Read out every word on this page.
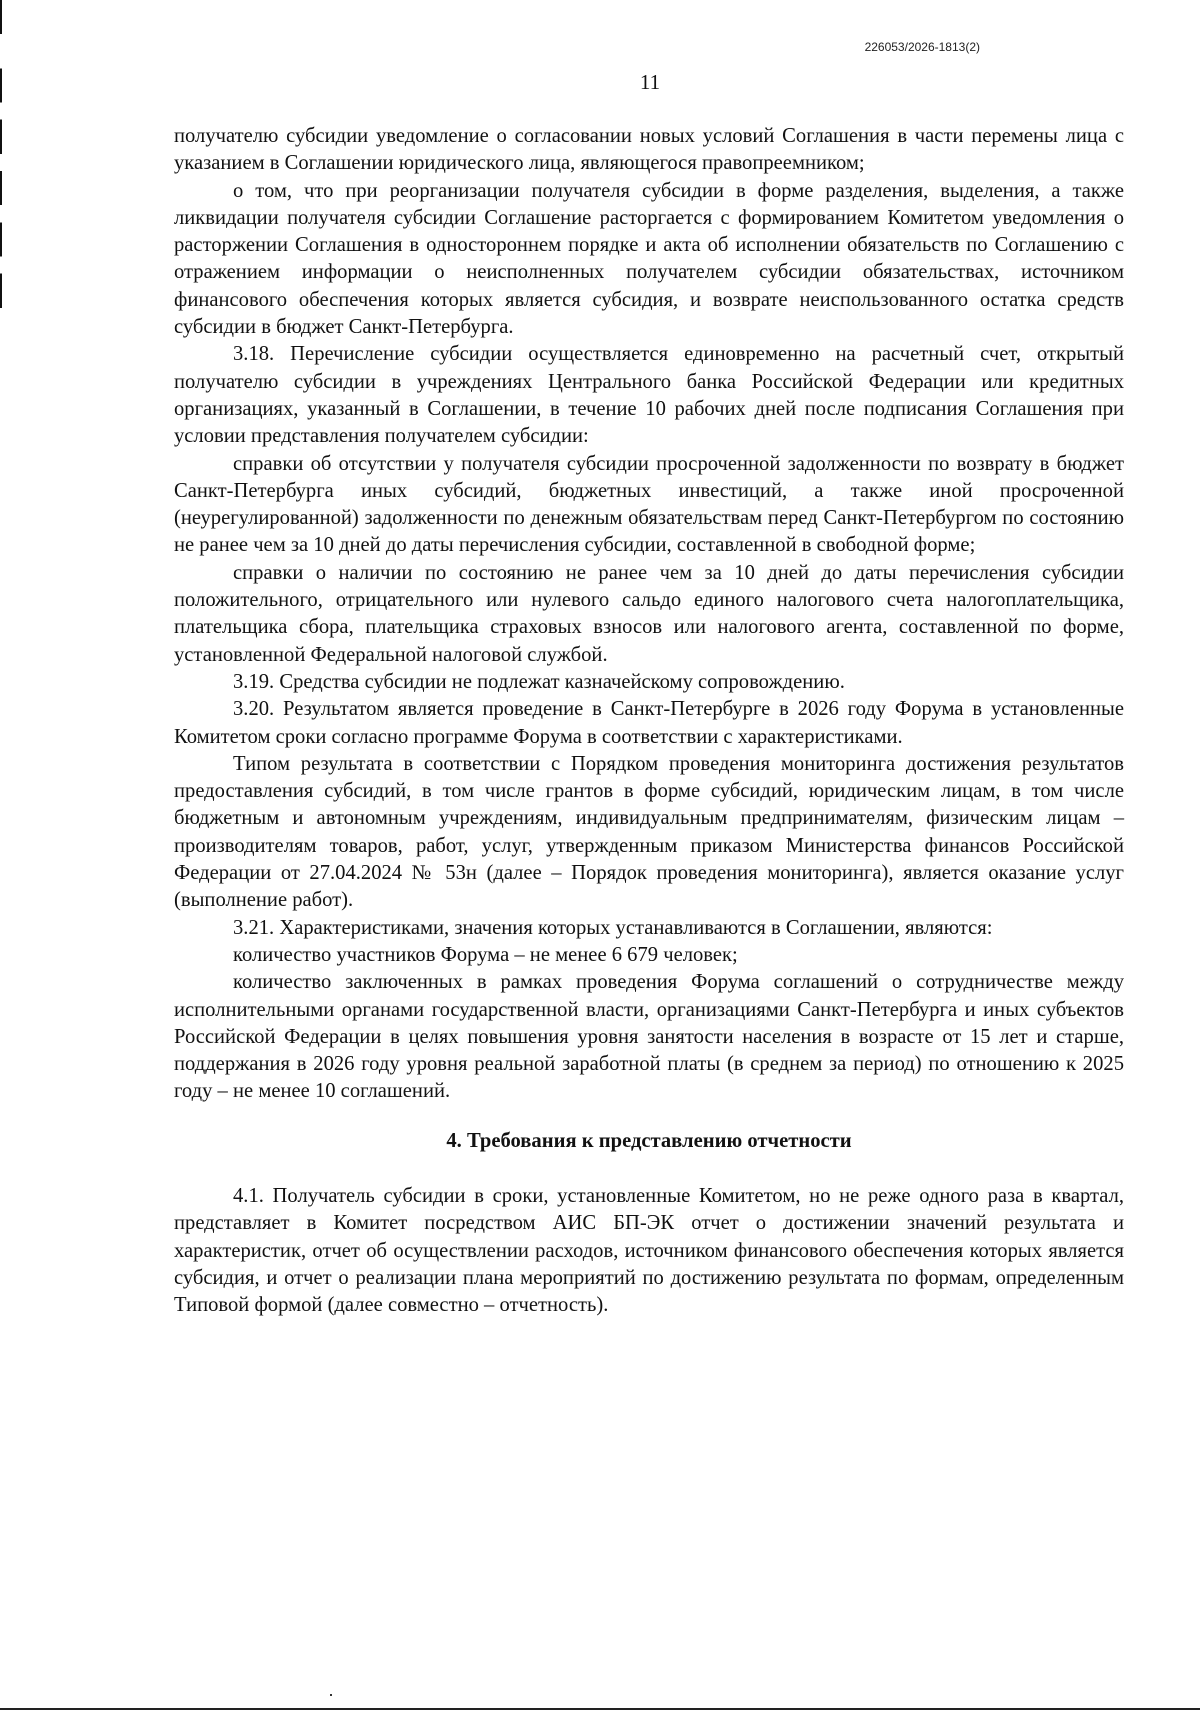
226053/2026-1813(2)
11

получателю субсидии уведомление о согласовании новых условий Соглашения в части перемены лица с указанием в Соглашении юридического лица, являющегося правопреемником;

о том, что при реорганизации получателя субсидии в форме разделения, выделения, а также ликвидации получателя субсидии Соглашение расторгается с формированием Комитетом уведомления о расторжении Соглашения в одностороннем порядке и акта об исполнении обязательств по Соглашению с отражением информации о неисполненных получателем субсидии обязательствах, источником финансового обеспечения которых является субсидия, и возврате неиспользованного остатка средств субсидии в бюджет Санкт-Петербурга.

3.18. Перечисление субсидии осуществляется единовременно на расчетный счет, открытый получателю субсидии в учреждениях Центрального банка Российской Федерации или кредитных организациях, указанный в Соглашении, в течение 10 рабочих дней после подписания Соглашения при условии представления получателем субсидии:

справки об отсутствии у получателя субсидии просроченной задолженности по возврату в бюджет Санкт-Петербурга иных субсидий, бюджетных инвестиций, а также иной просроченной (неурегулированной) задолженности по денежным обязательствам перед Санкт-Петербургом по состоянию не ранее чем за 10 дней до даты перечисления субсидии, составленной в свободной форме;

справки о наличии по состоянию не ранее чем за 10 дней до даты перечисления субсидии положительного, отрицательного или нулевого сальдо единого налогового счета налогоплательщика, плательщика сбора, плательщика страховых взносов или налогового агента, составленной по форме, установленной Федеральной налоговой службой.

3.19. Средства субсидии не подлежат казначейскому сопровождению.

3.20. Результатом является проведение в Санкт-Петербурге в 2026 году Форума в установленные Комитетом сроки согласно программе Форума в соответствии с характеристиками.

Типом результата в соответствии с Порядком проведения мониторинга достижения результатов предоставления субсидий, в том числе грантов в форме субсидий, юридическим лицам, в том числе бюджетным и автономным учреждениям, индивидуальным предпринимателям, физическим лицам – производителям товаров, работ, услуг, утвержденным приказом Министерства финансов Российской Федерации от 27.04.2024 № 53н (далее – Порядок проведения мониторинга), является оказание услуг (выполнение работ).

3.21. Характеристиками, значения которых устанавливаются в Соглашении, являются:

количество участников Форума – не менее 6 679 человек;

количество заключенных в рамках проведения Форума соглашений о сотрудничестве между исполнительными органами государственной власти, организациями Санкт-Петербурга и иных субъектов Российской Федерации в целях повышения уровня занятости населения в возрасте от 15 лет и старше, поддержания в 2026 году уровня реальной заработной платы (в среднем за период) по отношению к 2025 году – не менее 10 соглашений.

4. Требования к представлению отчетности

4.1. Получатель субсидии в сроки, установленные Комитетом, но не реже одного раза в квартал, представляет в Комитет посредством АИС БП-ЭК отчет о достижении значений результата и характеристик, отчет об осуществлении расходов, источником финансового обеспечения которых является субсидия, и отчет о реализации плана мероприятий по достижению результата по формам, определенным Типовой формой (далее совместно – отчетность).
